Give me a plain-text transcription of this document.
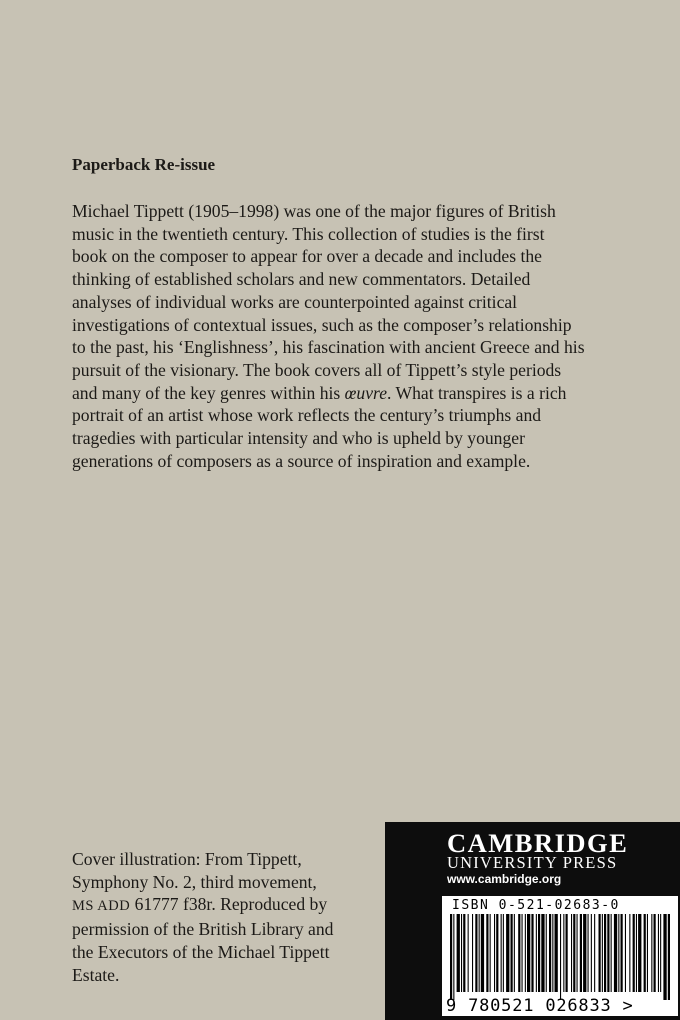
Paperback Re-issue

Michael Tippett (1905–1998) was one of the major figures of British
music in the twentieth century. This collection of studies is the first
book on the composer to appear for over a decade and includes the
thinking of established scholars and new commentators. Detailed
analyses of individual works are counterpointed against critical
investigations of contextual issues, such as the composer’s relationship
to the past, his ‘Englishness’, his fascination with ancient Greece and his
pursuit of the visionary. The book covers all of Tippett’s style periods
and many of the key genres within his œuvre. What transpires is a rich
portrait of an artist whose work reflects the century’s triumphs and
tragedies with particular intensity and who is upheld by younger
generations of composers as a source of inspiration and example.

Cover illustration: From Tippett,
Symphony No. 2, third movement,
MS ADD 61777 f38r. Reproduced by
permission of the British Library and
the Executors of the Michael Tippett
Estate.
CAMBRIDGE
UNIVERSITY PRESS
www.cambridge.org
ISBN 0-521-02683-0
9 780521 026833 >
